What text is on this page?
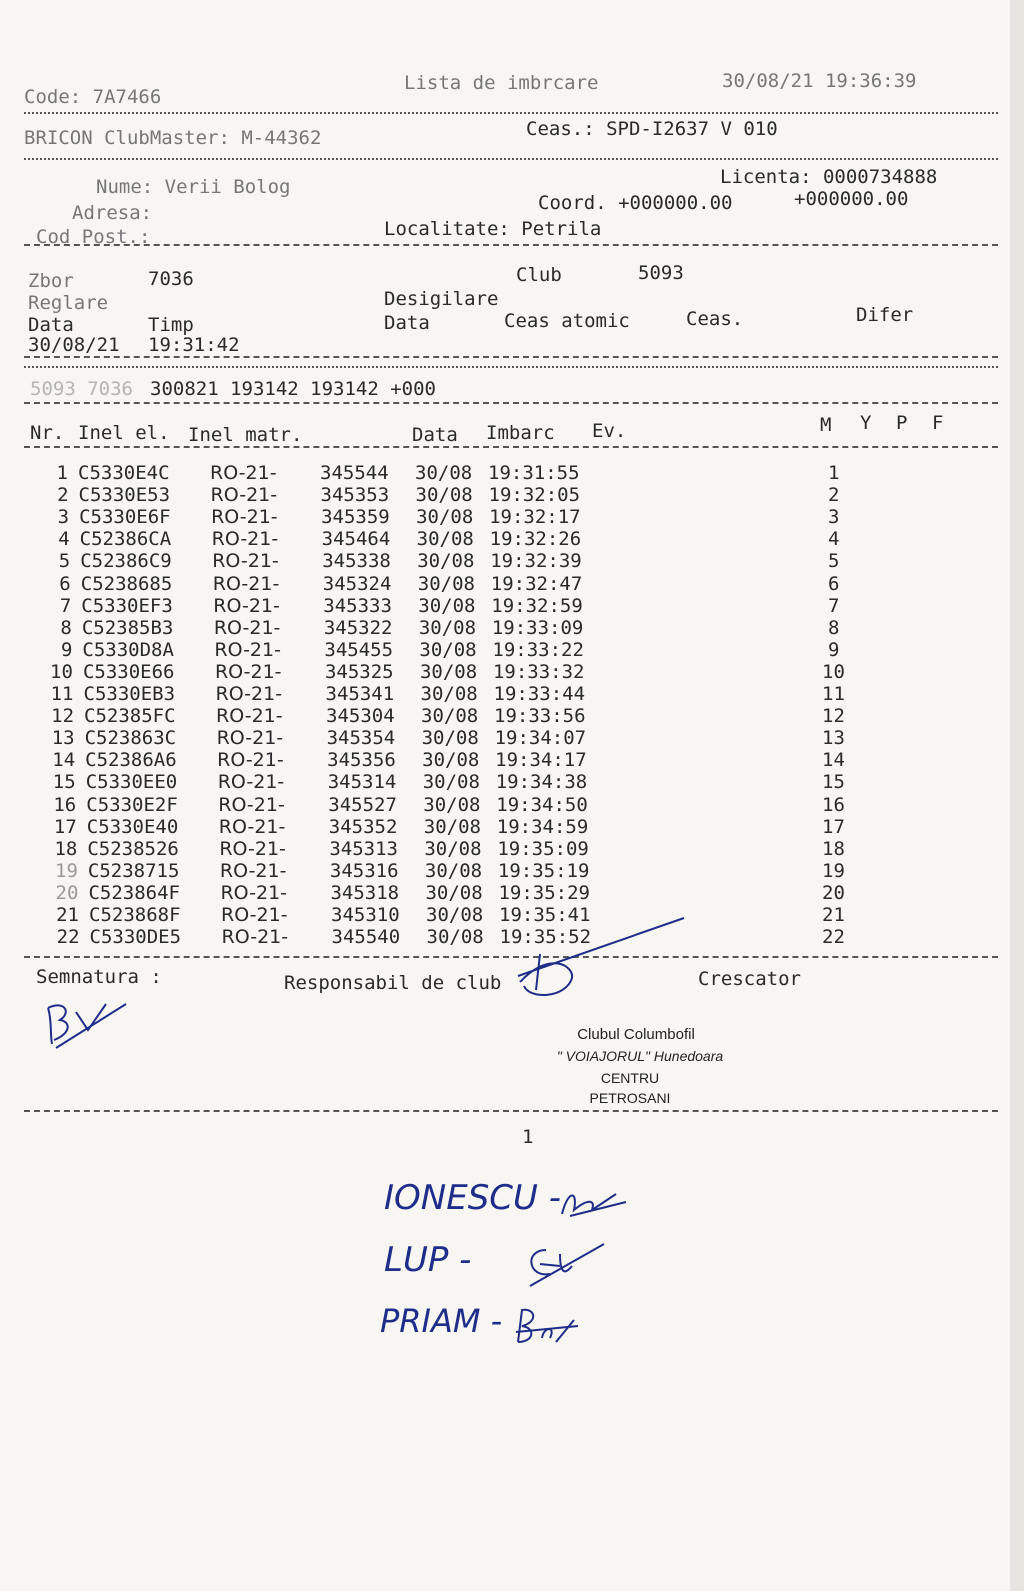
Code: 7A7466
Lista de imbrcare	30/08/21 19:36:39
BRICON ClubMaster: M-44362	Ceas.: SPD-I2637 V 010
Nume: Verii Bolog	Licenta: 0000734888
Adresa:	Coord. +000000.00	+000000.00
Cod Post.:	Localitate: Petrila
Zbor	7036	Club	5093
Reglare	Desigilare
Data	Timp	Data	Ceas atomic	Ceas.	Difer
30/08/21 19:31:42
5093 7036 300821 193142 193142 +000
Nr. Inel el. Inel matr.	Data Imbarc Ev.	M Y P F
1 C5330E4C RO-21- 345544 30/08 19:31:55	1
2 C5330E53 RO-21- 345353 30/08 19:32:05	2
3 C5330E6F RO-21- 345359 30/08 19:32:17	3
4 C52386CA RO-21- 345464 30/08 19:32:26	4
5 C52386C9 RO-21- 345338 30/08 19:32:39	5
6 C5238685 RO-21- 345324 30/08 19:32:47	6
7 C5330EF3 RO-21- 345333 30/08 19:32:59	7
8 C52385B3 RO-21- 345322 30/08 19:33:09	8
9 C5330D8A RO-21- 345455 30/08 19:33:22	9
10 C5330E66 RO-21- 345325 30/08 19:33:32	10
11 C5330EB3 RO-21- 345341 30/08 19:33:44	11
12 C52385FC RO-21- 345304 30/08 19:33:56	12
13 C523863C RO-21- 345354 30/08 19:34:07	13
14 C52386A6 RO-21- 345356 30/08 19:34:17	14
15 C5330EE0 RO-21- 345314 30/08 19:34:38	15
16 C5330E2F RO-21- 345527 30/08 19:34:50	16
17 C5330E40 RO-21- 345352 30/08 19:34:59	17
18 C5238526 RO-21- 345313 30/08 19:35:09	18
19 C5238715 RO-21- 345316 30/08 19:35:19	19
20 C523864F RO-21- 345318 30/08 19:35:29	20
21 C523868F RO-21- 345310 30/08 19:35:41	21
22 C5330DE5 RO-21- 345540 30/08 19:35:52	22
Semnatura :	Responsabil de club	Crescator
Clubul Columbofil
" VOIAJORUL" Hunedoara
CENTRU
PETROSANI
1
IONESCU -
LUP -
PRIAM -
